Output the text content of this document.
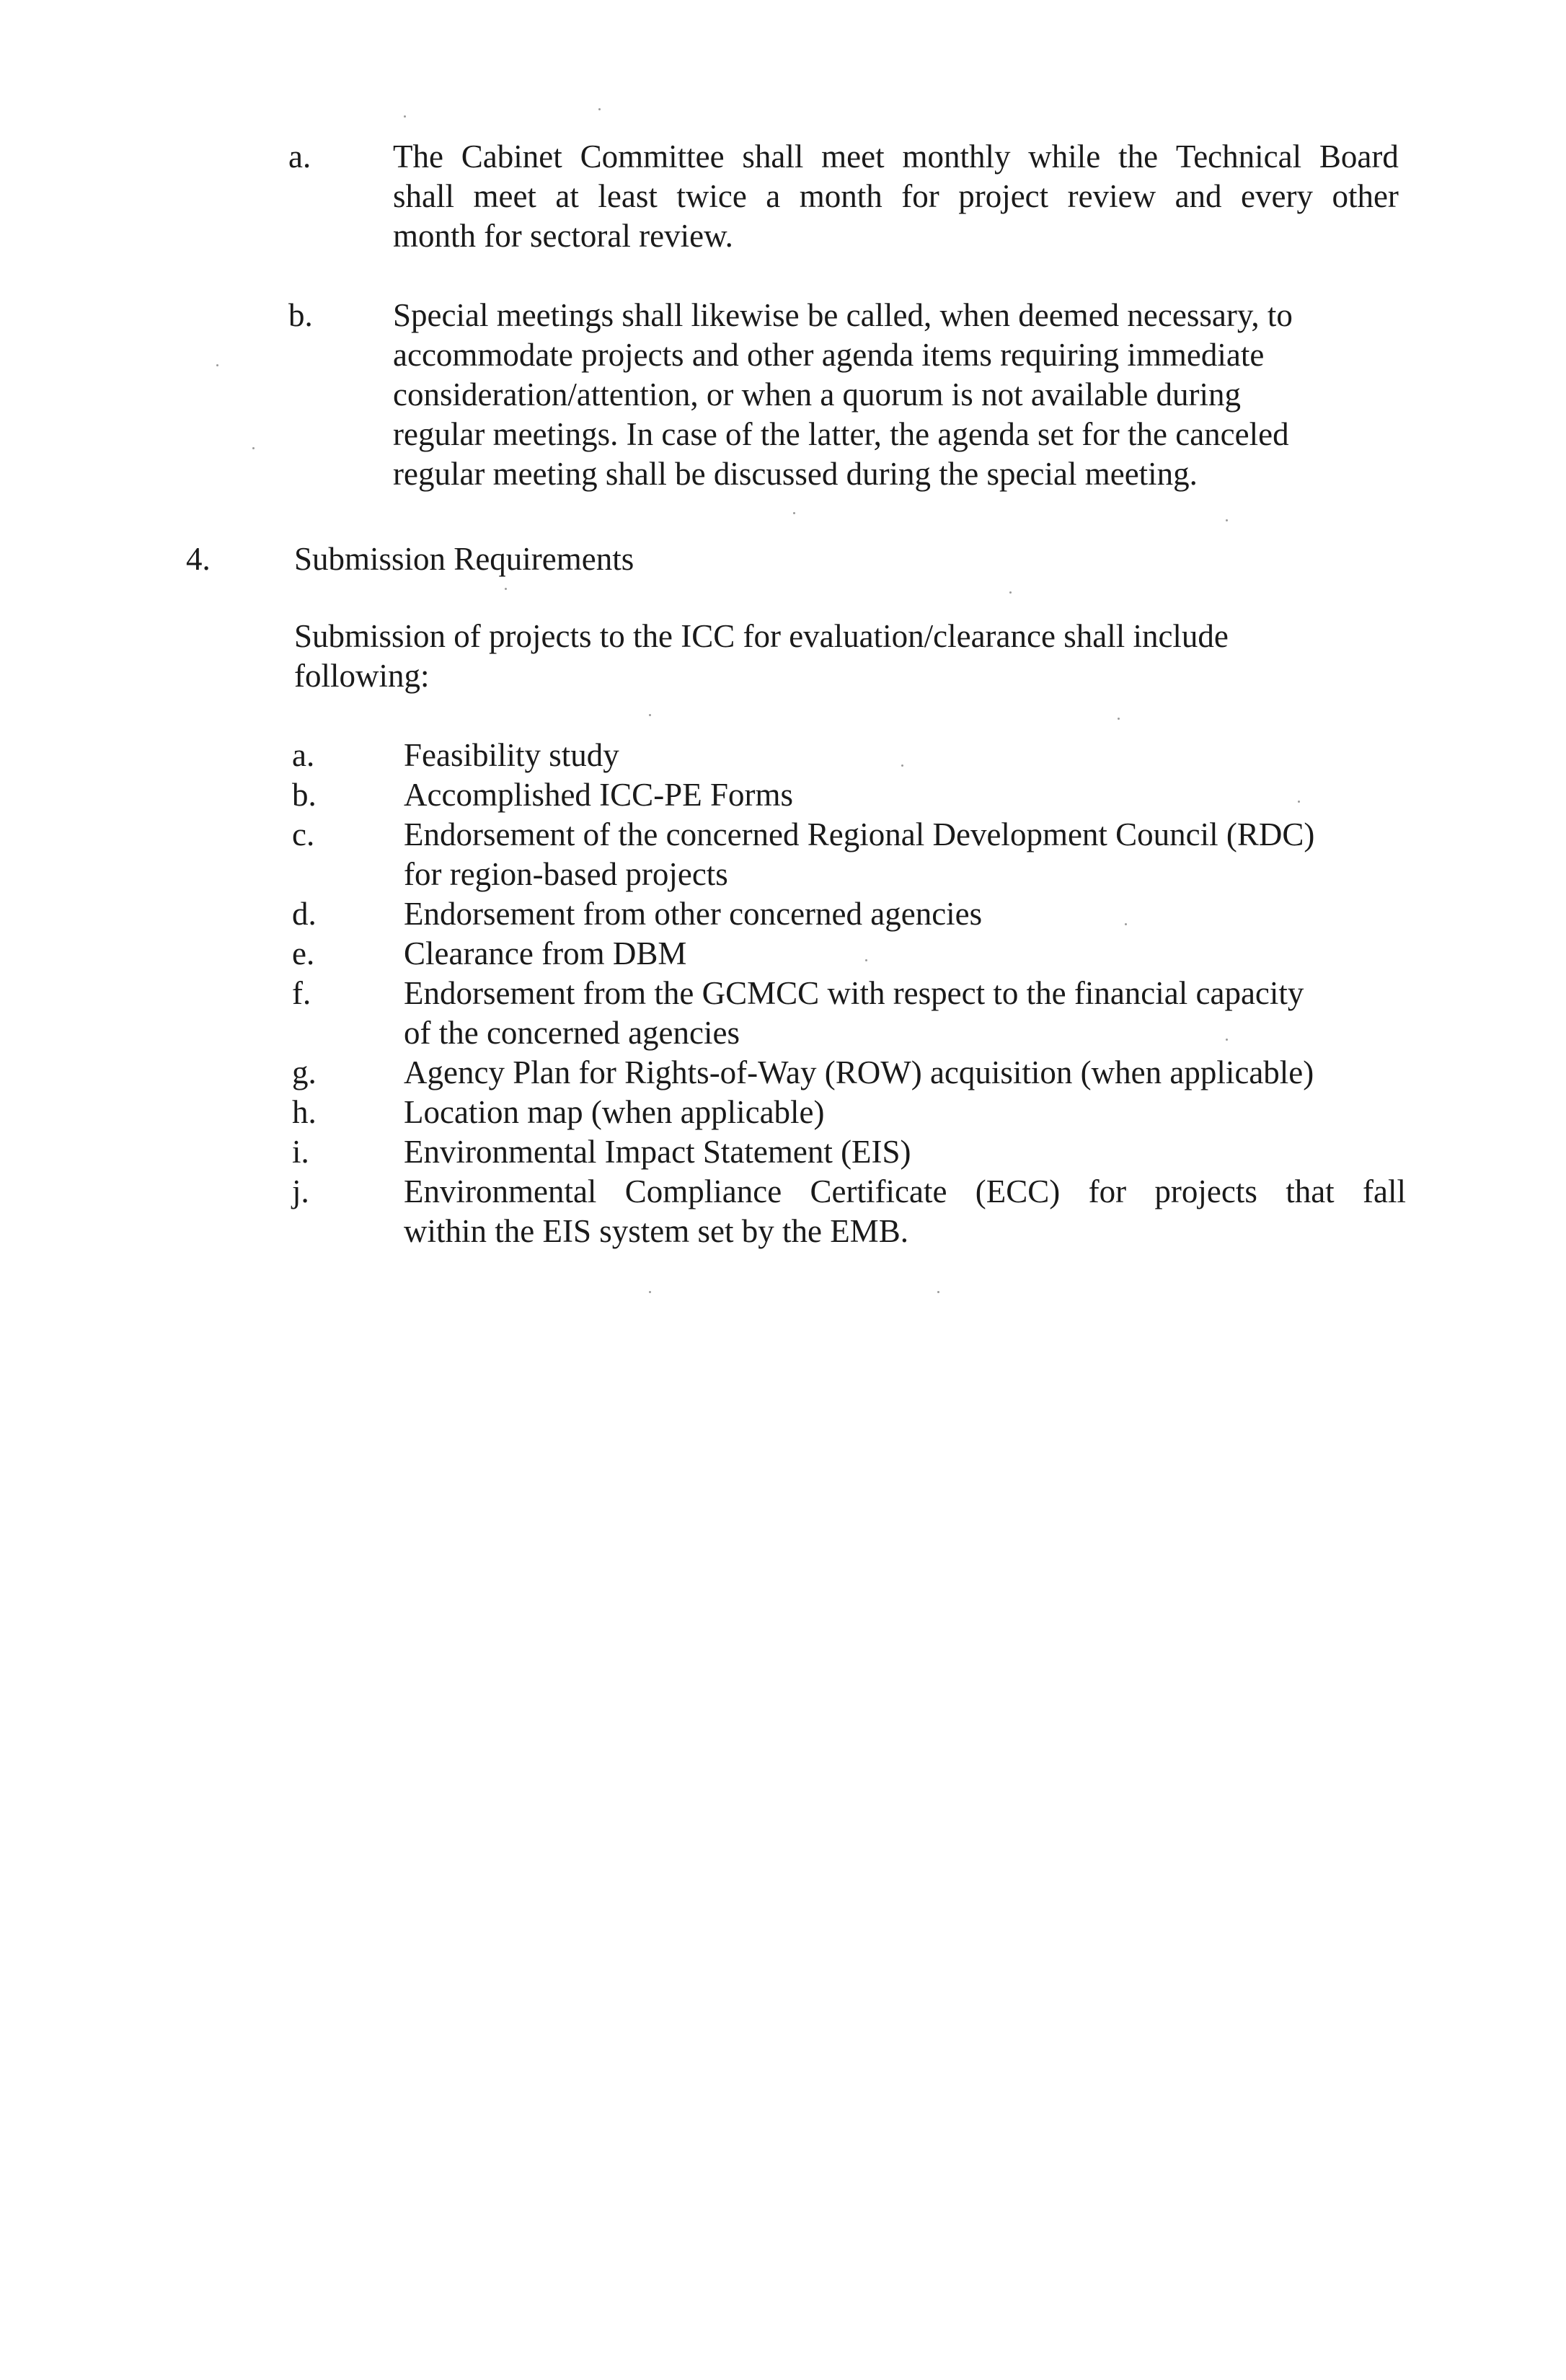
a.	The Cabinet Committee shall meet monthly while the Technical Board
shall meet at least twice a month for project review and every other
month for sectoral review.
b. Special meetings shall likewise be called, when deemed necessary, to
accommodate projects and other agenda items requiring immediate
consideration/attention, or when a quorum is not available during
regular meetings. In case of the latter, the agenda set for the canceled
regular meeting shall be discussed during the special meeting.
4.	Submission Requirements
Submission of projects to the ICC for evaluation/clearance shall include
following:
a.	Feasibility study
b.	Accomplished ICC-PE Forms
c.	Endorsement of the concerned Regional Development Council (RDC)
for region-based projects
d.	Endorsement from other concerned agencies
e.	Clearance from DBM
f.	Endorsement from the GCMCC with respect to the financial capacity
of the concerned agencies
g.	Agency Plan for Rights-of-Way (ROW) acquisition (when applicable)
h.	Location map (when applicable)
i.	Environmental Impact Statement (EIS)
j.	Environmental Compliance Certificate (ECC) for projects that fall
within the EIS system set by the EMB.
